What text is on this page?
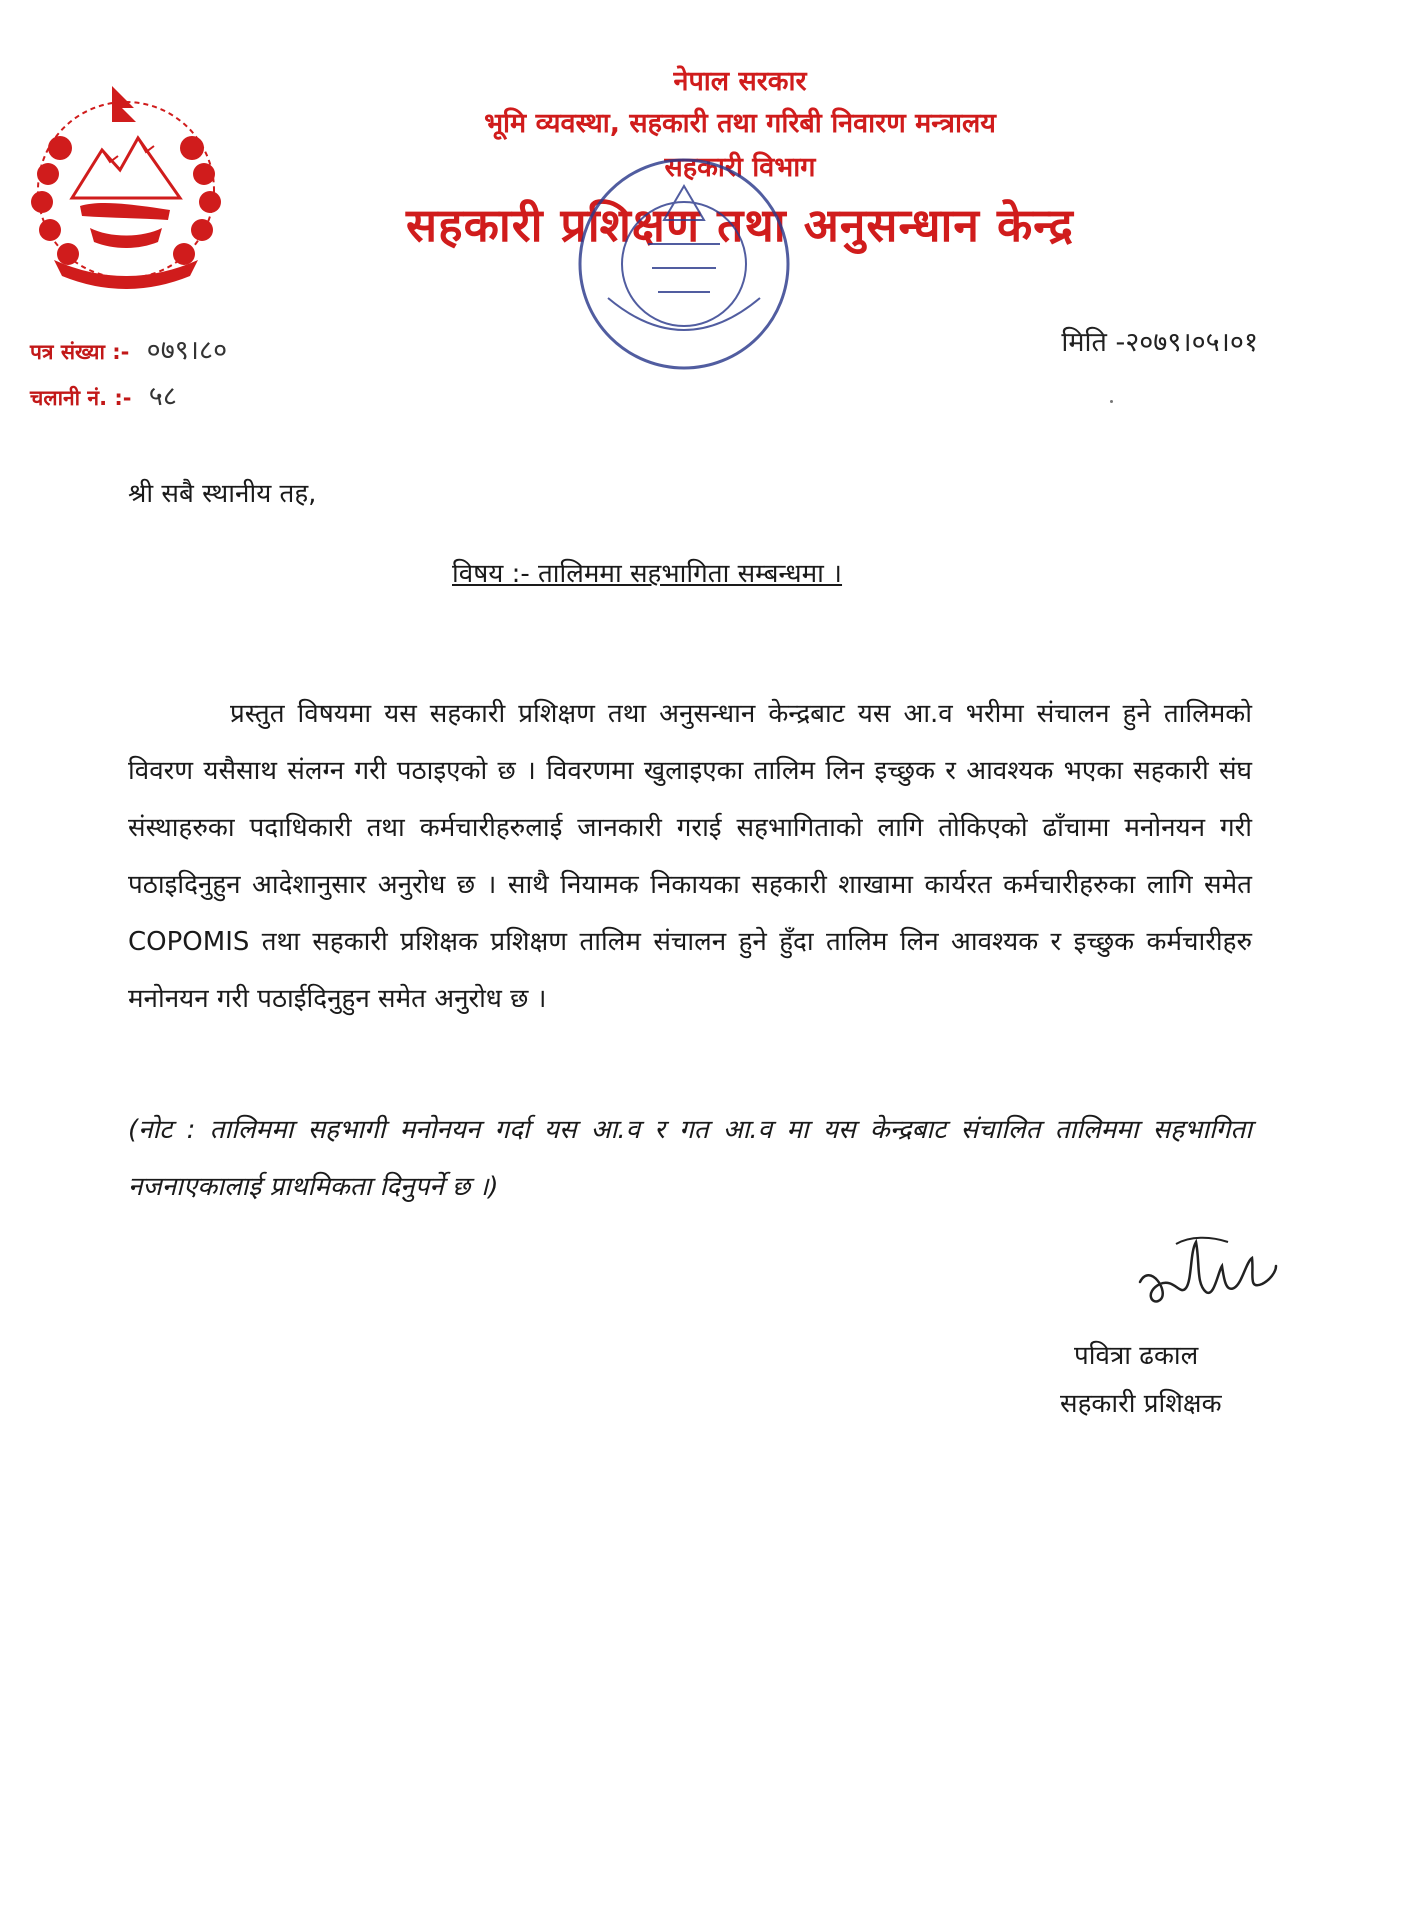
नेपाल सरकार
भूमि व्यवस्था, सहकारी तथा गरिबी निवारण मन्त्रालय
सहकारी विभाग
सहकारी प्रशिक्षण तथा अनुसन्धान केन्द्र
पत्र संख्या :- ०७९।८०
चलानी नं. :- ५८
मिति -२०७९।०५।०१
श्री सबै स्थानीय तह,
विषय :- तालिममा सहभागिता सम्बन्धमा ।
प्रस्तुत विषयमा यस सहकारी प्रशिक्षण तथा अनुसन्धान केन्द्रबाट यस आ.व भरीमा संचालन हुने तालिमको विवरण यसैसाथ संलग्न गरी पठाइएको छ । विवरणमा खुलाइएका तालिम लिन इच्छुक र आवश्यक भएका सहकारी संघ संस्थाहरुका पदाधिकारी तथा कर्मचारीहरुलाई जानकारी गराई सहभागिताको लागि तोकिएको ढाँचामा मनोनयन गरी पठाइदिनुहुन आदेशानुसार अनुरोध छ । साथै नियामक निकायका सहकारी शाखामा कार्यरत कर्मचारीहरुका लागि समेत COPOMIS तथा सहकारी प्रशिक्षक प्रशिक्षण तालिम संचालन हुने हुँदा तालिम लिन आवश्यक र इच्छुक कर्मचारीहरु मनोनयन गरी पठाईदिनुहुन समेत अनुरोध छ ।
(नोट : तालिममा सहभागी मनोनयन गर्दा यस आ.व र गत आ.व मा यस केन्द्रबाट संचालित तालिममा सहभागिता नजनाएकालाई प्राथमिकता दिनुपर्ने छ ।)
पवित्रा ढकाल
सहकारी प्रशिक्षक
